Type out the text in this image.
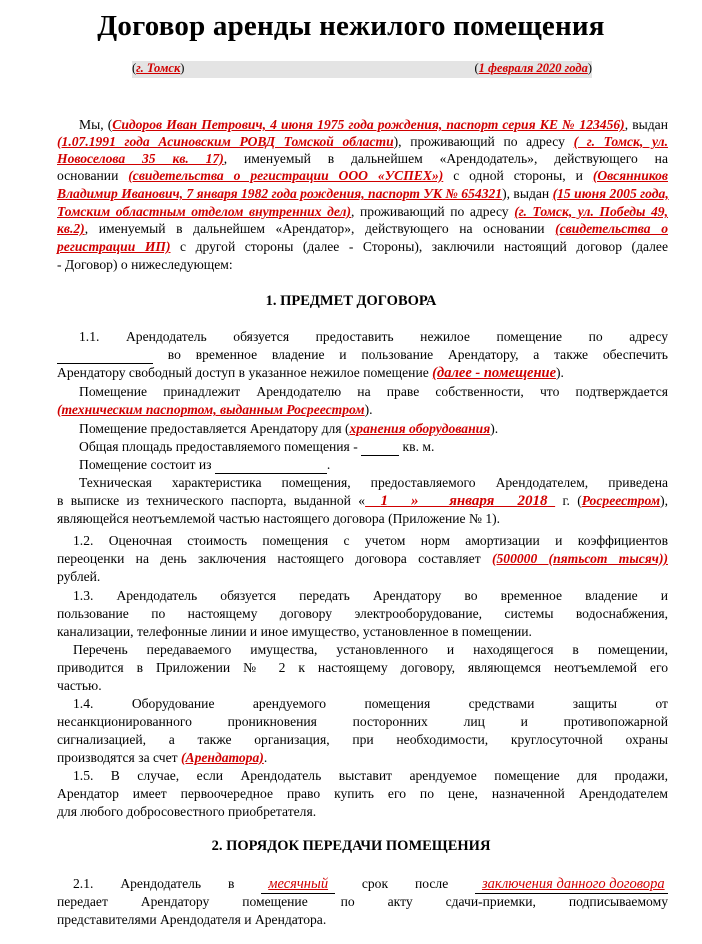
Договор аренды нежилого помещения
(г. Томск)	(1 февраля 2020 года)
Мы, (Сидоров Иван Петрович, 4 июня 1975 года рождения, паспорт серия КЕ № 123456), выдан
(1.07.1991 года Асиновским РОВД Томской области), проживающий по адресу ( г. Томск, ул.
Новоселова 35 кв. 17), именуемый в дальнейшем «Арендодатель», действующего на
основании (свидетельства о регистрации ООО «УСПЕХ») с одной стороны, и (Овсянников
Владимир Иванович, 7 января 1982 года рождения, паспорт УК № 654321), выдан (15 июня 2005 года,
Томским областным отделом внутренних дел), проживающий по адресу (г. Томск, ул. Победы 49,
кв.2), именуемый в дальнейшем «Арендатор», действующего на основании (свидетельства о
регистрации ИП) с другой стороны (далее - Стороны), заключили настоящий договор (далее
- Договор) о нижеследующем:
1. ПРЕДМЕТ ДОГОВОРА
1.1. Арендодатель обязуется предоставить нежилое помещение по адресу
во временное владение и пользование Арендатору, а также обеспечить
Арендатору свободный доступ в указанное нежилое помещение (далее - помещение).
Помещение принадлежит Арендодателю на праве собственности, что подтверждается
(техническим паспортом, выданным Росреестром).
Помещение предоставляется Арендатору для (хранения оборудования).
Общая площадь предоставляемого помещения -	кв. м.
Помещение состоит из	.
Техническая характеристика помещения, предоставляемого Арендодателем, приведена
в выписке из технического паспорта, выданной « 1 » января 2018 г. (Росреестром),
являющейся неотъемлемой частью настоящего договора (Приложение № 1).
1.2. Оценочная стоимость помещения с учетом норм амортизации и коэффициентов
переоценки на день заключения настоящего договора составляет (500000 (пятьсот тысяч))
рублей.
1.3. Арендодатель обязуется передать Арендатору во временное владение и
пользование по настоящему договору электрооборудование, системы водоснабжения,
канализации, телефонные линии и иное имущество, установленное в помещении.
Перечень передаваемого имущества, установленного и находящегося в помещении,
приводится в Приложении № 2 к настоящему договору, являющемся неотъемлемой его
частью.
1.4. Оборудование арендуемого помещения средствами защиты от
несанкционированного проникновения посторонних лиц и противопожарной
сигнализацией, а также организация, при необходимости, круглосуточной охраны
производятся за счет (Арендатора).
1.5. В случае, если Арендодатель выставит арендуемое помещение для продажи,
Арендатор имеет первоочередное право купить его по цене, назначенной Арендодателем
для любого добросовестного приобретателя.
2. ПОРЯДОК ПЕРЕДАЧИ ПОМЕЩЕНИЯ
2.1. Арендодатель в месячный срок после заключения данного договора
передает Арендатору помещение по акту сдачи-приемки, подписываемому
представителями Арендодателя и Арендатора.
